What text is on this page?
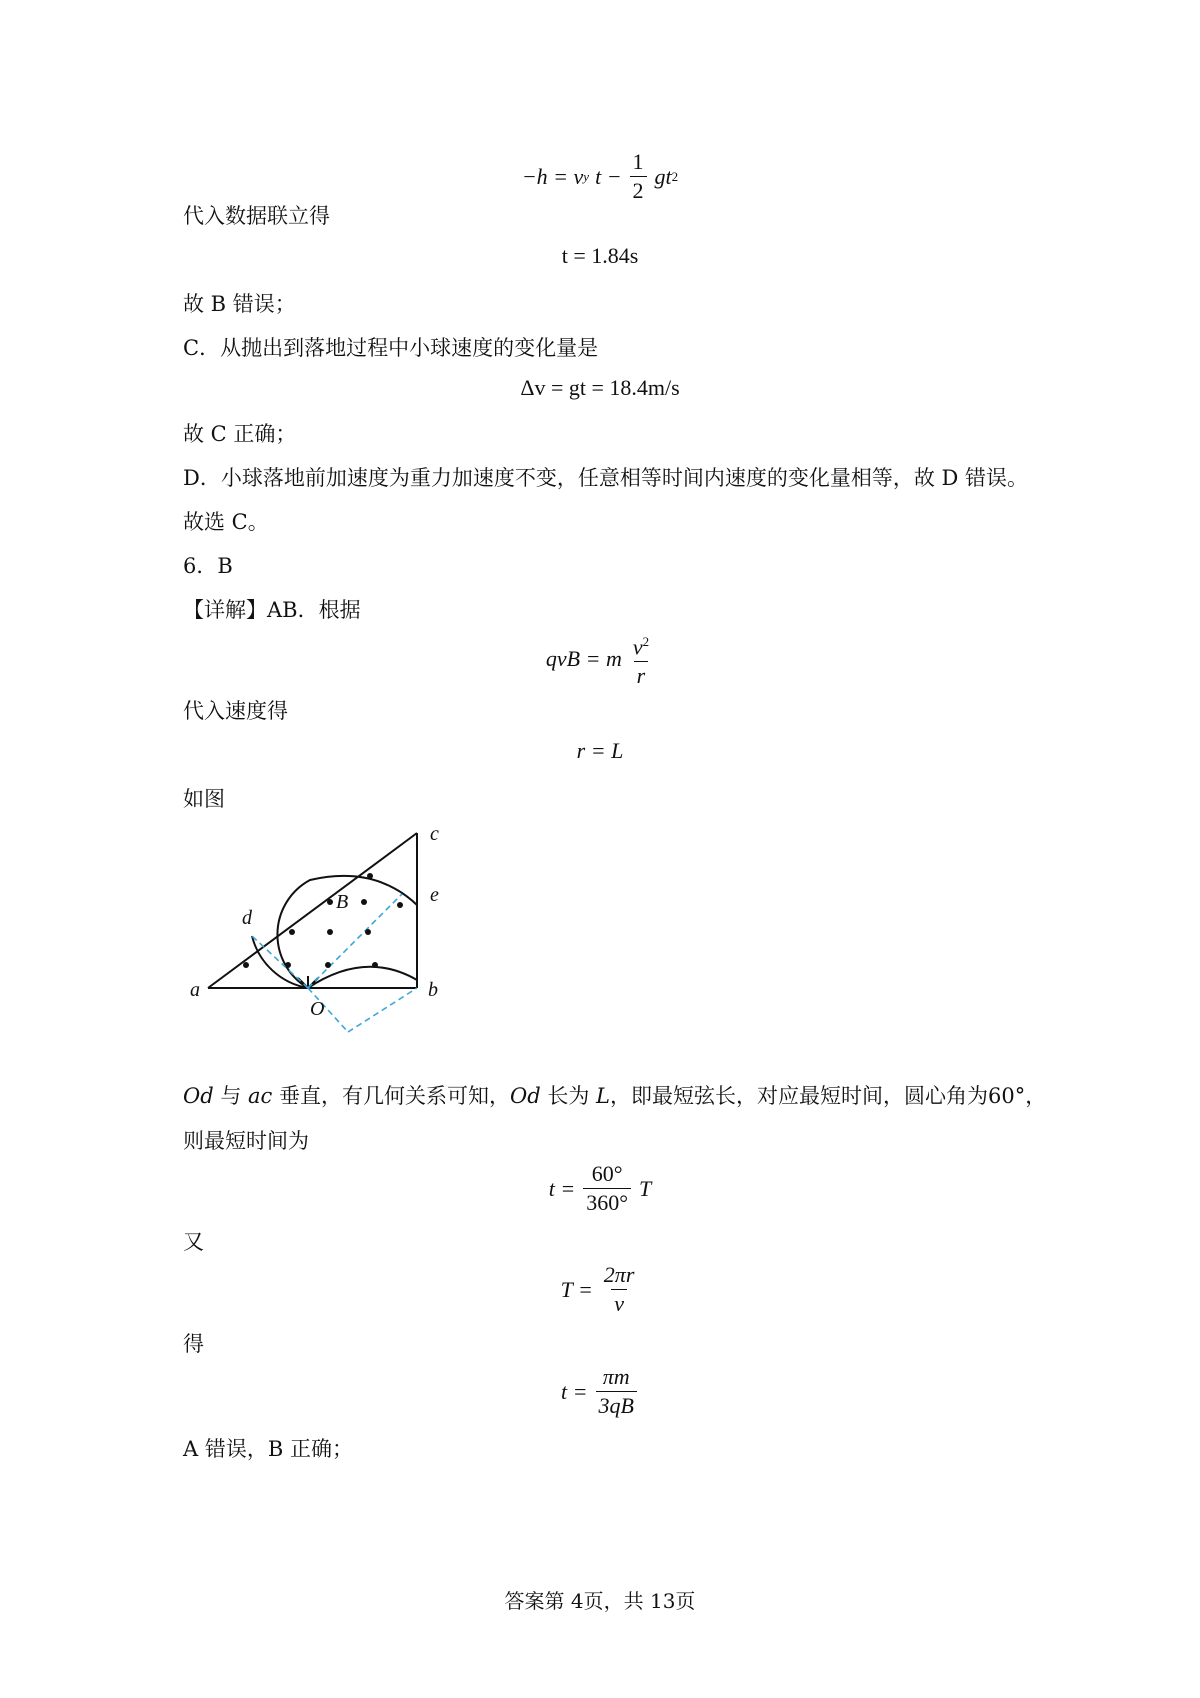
−h = v y $t - \frac{1}{2}$ gt 2
代入数据联立得
t = 1.84s
故 B 错误；
C．从抛出到落地过程中小球速度的变化量是
Δv = gt = 18.4m/s
故 C 正确；
D．小球落地前加速度为重力加速度不变，任意相等时间内速度的变化量相等，故 D 错误。
故选 C。
6．B
【详解】AB．根据
qvB = m $\frac{v^2}{r}$
代入速度得
r = L
如图
c
e
B
d
a	b
O
Od 与 ac 垂直，有几何关系可知，Od 长为 L，即最短弦长，对应最短时间，圆心角为60°，
则最短时间为
$t = \frac{60^\circ}{360^\circ}$ T
又
$T = \frac{2\pi r}{v}$
得
$t = \frac{\pi m}{3qB}$
A 错误，B 正确；
答案第 4页，共 13页
